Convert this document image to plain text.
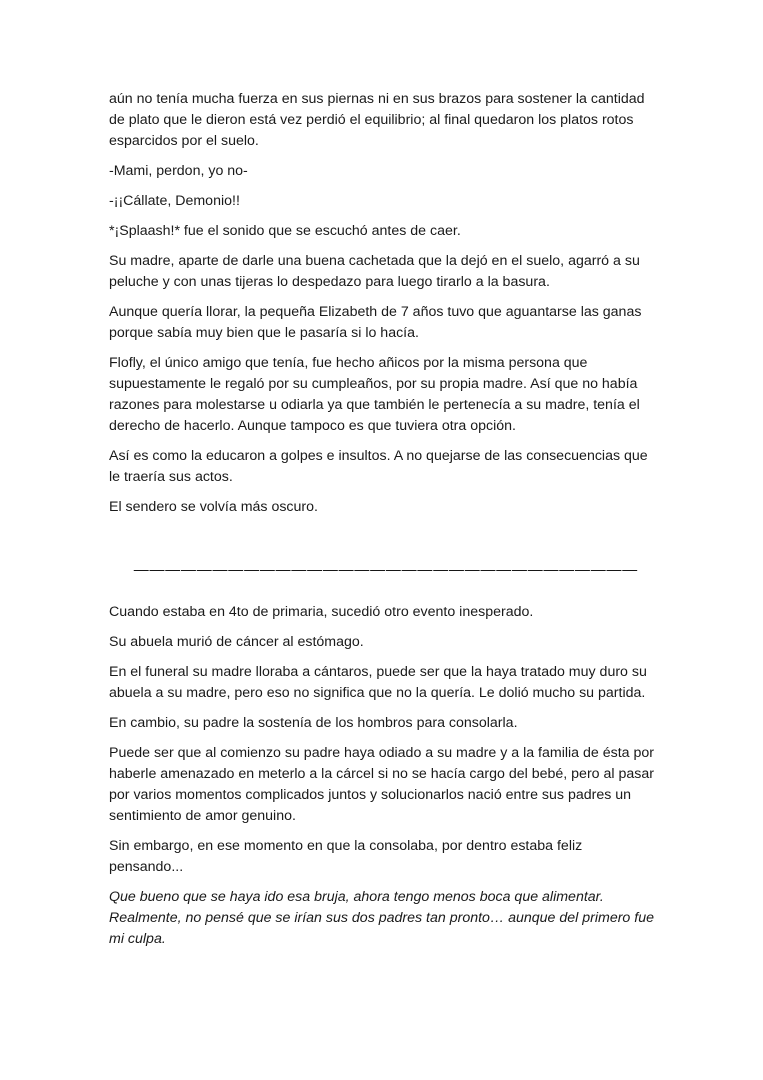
aún no tenía mucha fuerza en sus piernas ni en sus brazos para sostener la cantidad de plato que le dieron está vez perdió el equilibrio; al final quedaron los platos rotos esparcidos por el suelo.

-Mami, perdon, yo no-

-¡¡Cállate, Demonio!!

*¡Splaash!* fue el sonido que se escuchó antes de caer.

Su madre, aparte de darle una buena cachetada que la dejó en el suelo, agarró a su peluche y con unas tijeras lo despedazo para luego tirarlo a la basura.

Aunque quería llorar, la pequeña Elizabeth de 7 años tuvo que aguantarse las ganas porque sabía muy bien que le pasaría si lo hacía.

Floﬂy, el único amigo que tenía, fue hecho añicos por la misma persona que supuestamente le regaló por su cumpleaños, por su propia madre. Así que no había razones para molestarse u odiarla ya que también le pertenecía a su madre, tenía el derecho de hacerlo. Aunque tampoco es que tuviera otra opción.

Así es como la educaron a golpes e insultos. A no quejarse de las consecuencias que le traería sus actos.

El sendero se volvía más oscuro.

________________________________

Cuando estaba en 4to de primaria, sucedió otro evento inesperado.

Su abuela murió de cáncer al estómago.

En el funeral su madre lloraba a cántaros, puede ser que la haya tratado muy duro su abuela a su madre, pero eso no signiﬁca que no la quería. Le dolió mucho su partida.

En cambio, su padre la sostenía de los hombros para consolarla.

Puede ser que al comienzo su padre haya odiado a su madre y a la familia de ésta por haberle amenazado en meterlo a la cárcel si no se hacía cargo del bebé, pero al pasar por varios momentos complicados juntos y solucionarlos nació entre sus padres un sentimiento de amor genuino.

Sin embargo, en ese momento en que la consolaba, por dentro estaba feliz pensando...

Que bueno que se haya ido esa bruja, ahora tengo menos boca que alimentar. Realmente, no pensé que se irían sus dos padres tan pronto… aunque del primero fue mi culpa.
